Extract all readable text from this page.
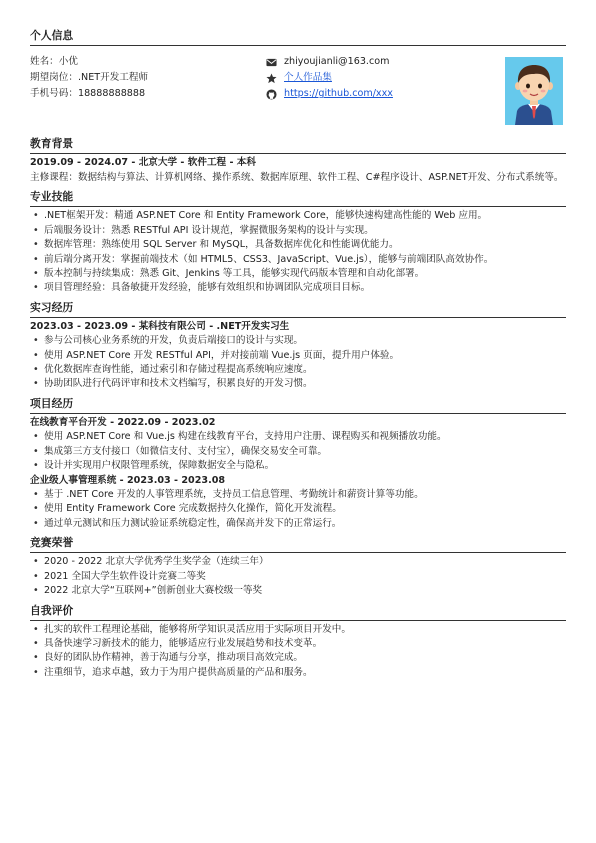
个人信息
姓名：小优
期望岗位：.NET开发工程师
手机号码：18888888888
zhiyoujianli@163.com
个人作品集
https://github.com/xxx
教育背景
2019.09 - 2024.07 - 北京大学 - 软件工程 - 本科
主修课程：数据结构与算法、计算机网络、操作系统、数据库原理、软件工程、C#程序设计、ASP.NET开发、分布式系统等。
专业技能
• .NET框架开发：精通 ASP.NET Core 和 Entity Framework Core，能够快速构建高性能的 Web 应用。
• 后端服务设计：熟悉 RESTful API 设计规范，掌握微服务架构的设计与实现。
• 数据库管理：熟练使用 SQL Server 和 MySQL，具备数据库优化和性能调优能力。
• 前后端分离开发：掌握前端技术（如 HTML5、CSS3、JavaScript、Vue.js），能够与前端团队高效协作。
• 版本控制与持续集成：熟悉 Git、Jenkins 等工具，能够实现代码版本管理和自动化部署。
• 项目管理经验：具备敏捷开发经验，能够有效组织和协调团队完成项目目标。
实习经历
2023.03 - 2023.09 - 某科技有限公司 - .NET开发实习生
• 参与公司核心业务系统的开发，负责后端接口的设计与实现。
• 使用 ASP.NET Core 开发 RESTful API，并对接前端 Vue.js 页面，提升用户体验。
• 优化数据库查询性能，通过索引和存储过程提高系统响应速度。
• 协助团队进行代码评审和技术文档编写，积累良好的开发习惯。
项目经历
在线教育平台开发 - 2022.09 - 2023.02
• 使用 ASP.NET Core 和 Vue.js 构建在线教育平台，支持用户注册、课程购买和视频播放功能。
• 集成第三方支付接口（如微信支付、支付宝），确保交易安全可靠。
• 设计并实现用户权限管理系统，保障数据安全与隐私。
企业级人事管理系统 - 2023.03 - 2023.08
• 基于 .NET Core 开发的人事管理系统，支持员工信息管理、考勤统计和薪资计算等功能。
• 使用 Entity Framework Core 完成数据持久化操作，简化开发流程。
• 通过单元测试和压力测试验证系统稳定性，确保高并发下的正常运行。
竞赛荣誉
• 2020 - 2022 北京大学优秀学生奖学金（连续三年）
• 2021 全国大学生软件设计竞赛二等奖
• 2022 北京大学“互联网+”创新创业大赛校级一等奖
自我评价
• 扎实的软件工程理论基础，能够将所学知识灵活应用于实际项目开发中。
• 具备快速学习新技术的能力，能够适应行业发展趋势和技术变革。
• 良好的团队协作精神，善于沟通与分享，推动项目高效完成。
• 注重细节，追求卓越，致力于为用户提供高质量的产品和服务。
